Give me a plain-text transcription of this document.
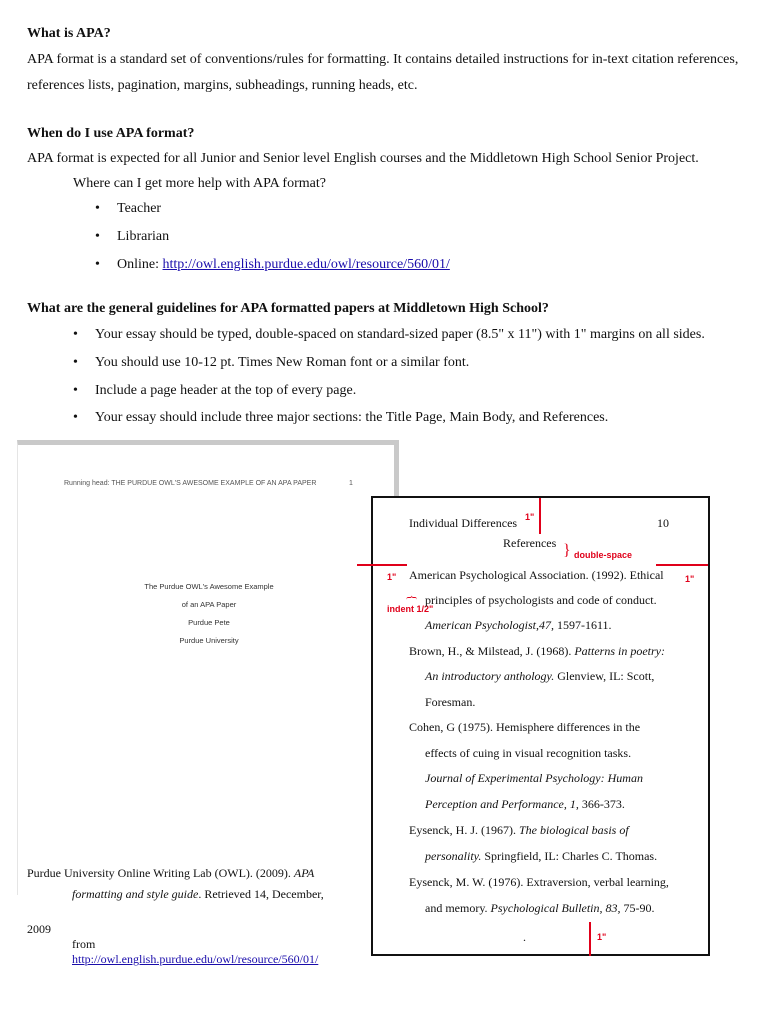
What is APA?
APA format is a standard set of conventions/rules for formatting. It contains detailed instructions for in-text citation references,
references lists, pagination, margins, subheadings, running heads, etc.
When do I use APA format?
APA format is expected for all Junior and Senior level English courses and the Middletown High School Senior Project.
Where can I get more help with APA format?
• Teacher
• Librarian
• Online: http://owl.english.purdue.edu/owl/resource/560/01/
What are the general guidelines for APA formatted papers at Middletown High School?
• Your essay should be typed, double-spaced on standard-sized paper (8.5" x 11") with 1" margins on all sides.
• You should use 10-12 pt. Times New Roman font or a similar font.
• Include a page header at the top of every page.
• Your essay should include three major sections: the Title Page, Main Body, and References.
Running head: THE PURDUE OWL'S AWESOME EXAMPLE OF AN APA PAPER	1
The Purdue OWL's Awesome Example
of an APA Paper
Purdue Pete
Purdue University
Purdue University Online Writing Lab (OWL). (2009). APA
formatting and style guide. Retrieved 14, December,
2009
from
http://owl.english.purdue.edu/owl/resource/560/01/
1"
Individual Differences	10
References } double-space
1"	1"
{
indent 1/2"
American Psychological Association. (1992). Ethical
principles of psychologists and code of conduct.
American Psychologist,47, 1597-1611.
Brown, H., & Milstead, J. (1968). Patterns in poetry:
An introductory anthology. Glenview, IL: Scott,
Foresman.
Cohen, G (1975). Hemisphere differences in the
effects of cuing in visual recognition tasks.
Journal of Experimental Psychology: Human
Perception and Performance, 1, 366-373.
Eysenck, H. J. (1967). The biological basis of
personality. Springfield, IL: Charles C. Thomas.
Eysenck, M. W. (1976). Extraversion, verbal learning,
and memory. Psychological Bulletin, 83, 75-90.
.	1"
